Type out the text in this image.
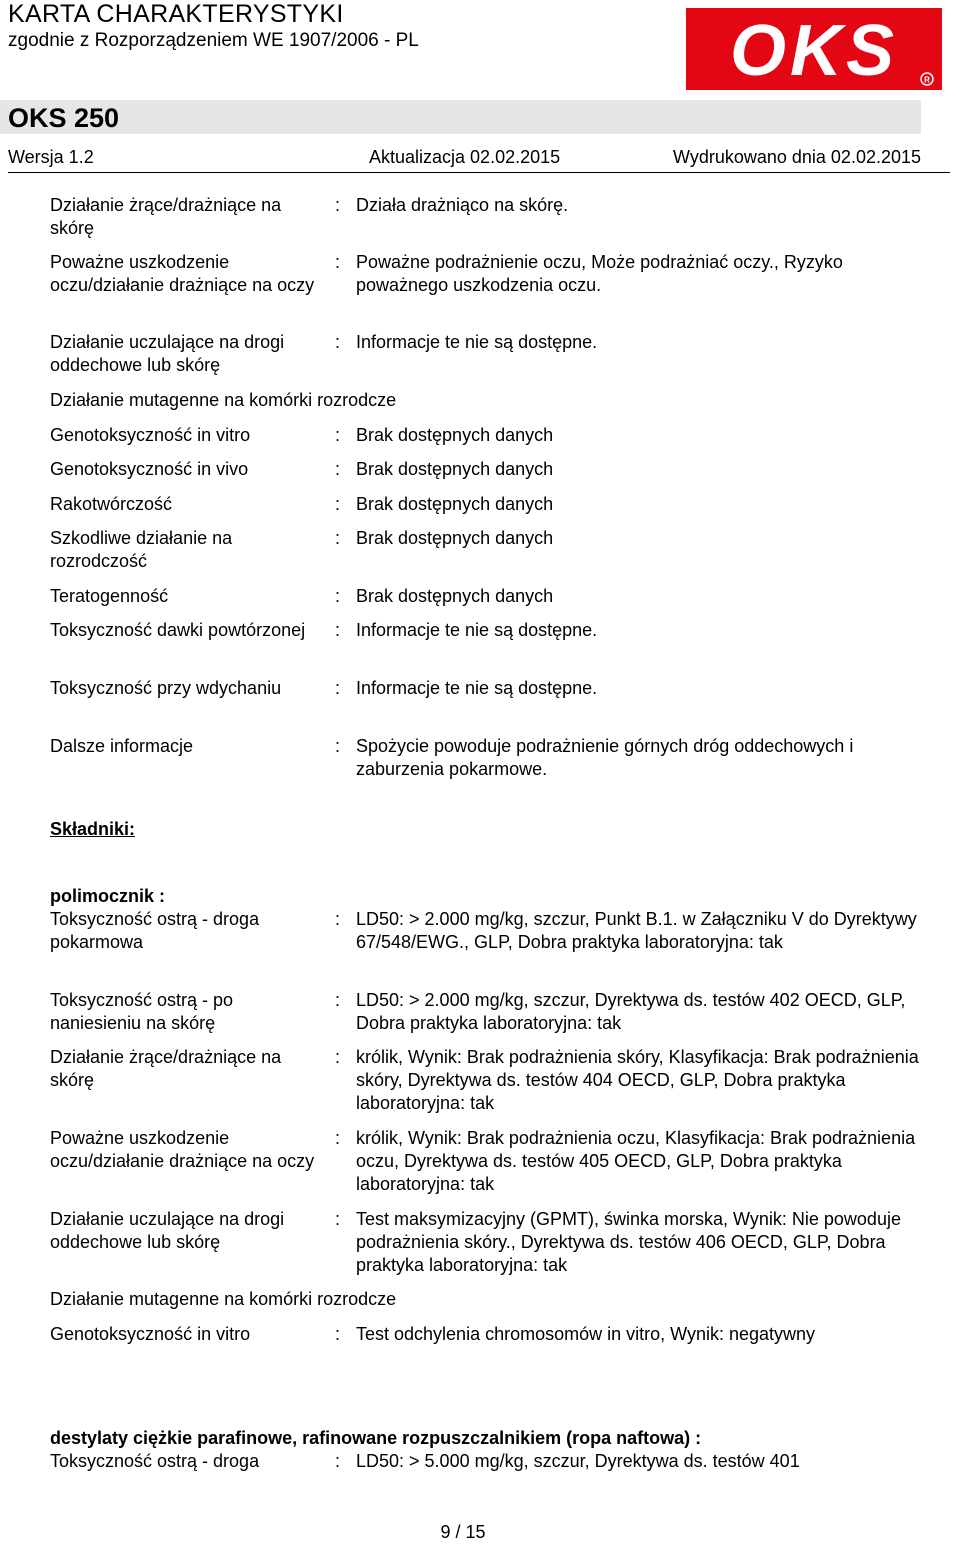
KARTA CHARAKTERYSTYKI
zgodnie z Rozporządzeniem WE 1907/2006 - PL	OKS	R
OKS 250
Wersja 1.2	Aktualizacja 02.02.2015	Wydrukowano dnia 02.02.2015
Działanie żrące/drażniące na skórę
: Działa drażniąco na skórę.
Poważne uszkodzenie oczu/działanie drażniące na oczy
: Poważne podrażnienie oczu, Może podrażniać oczy., Ryzyko poważnego uszkodzenia oczu.
Działanie uczulające na drogi oddechowe lub skórę
: Informacje te nie są dostępne.
Działanie mutagenne na komórki rozrodcze
Genotoksyczność in vitro	: Brak dostępnych danych
Genotoksyczność in vivo	: Brak dostępnych danych
Rakotwórczość	: Brak dostępnych danych
Szkodliwe działanie na rozrodczość
: Brak dostępnych danych
Teratogenność	: Brak dostępnych danych
Toksyczność dawki powtórzonej	: Informacje te nie są dostępne.
Toksyczność przy wdychaniu	: Informacje te nie są dostępne.
Dalsze informacje	: Spożycie powoduje podrażnienie górnych dróg oddechowych i zaburzenia pokarmowe.
Składniki:
polimocznik :
Toksyczność ostrą - droga pokarmowa
: LD50: > 2.000 mg/kg, szczur, Punkt B.1. w Załączniku V do Dyrektywy 67/548/EWG., GLP, Dobra praktyka laboratoryjna: tak
Toksyczność ostrą - po naniesieniu na skórę
: LD50: > 2.000 mg/kg, szczur, Dyrektywa ds. testów 402 OECD, GLP, Dobra praktyka laboratoryjna: tak
Działanie żrące/drażniące na skórę
: królik, Wynik: Brak podrażnienia skóry, Klasyfikacja: Brak podrażnienia skóry, Dyrektywa ds. testów 404 OECD, GLP, Dobra praktyka laboratoryjna: tak
Poważne uszkodzenie oczu/działanie drażniące na oczy
: królik, Wynik: Brak podrażnienia oczu, Klasyfikacja: Brak podrażnienia oczu, Dyrektywa ds. testów 405 OECD, GLP, Dobra praktyka laboratoryjna: tak
Działanie uczulające na drogi oddechowe lub skórę
: Test maksymizacyjny (GPMT), świnka morska, Wynik: Nie powoduje podrażnienia skóry., Dyrektywa ds. testów 406 OECD, GLP, Dobra praktyka laboratoryjna: tak
Działanie mutagenne na komórki rozrodcze
Genotoksyczność in vitro	: Test odchylenia chromosomów in vitro, Wynik: negatywny
destylaty ciężkie parafinowe, rafinowane rozpuszczalnikiem (ropa naftowa) :
Toksyczność ostrą - droga	: LD50: > 5.000 mg/kg, szczur, Dyrektywa ds. testów 401
9 / 15
